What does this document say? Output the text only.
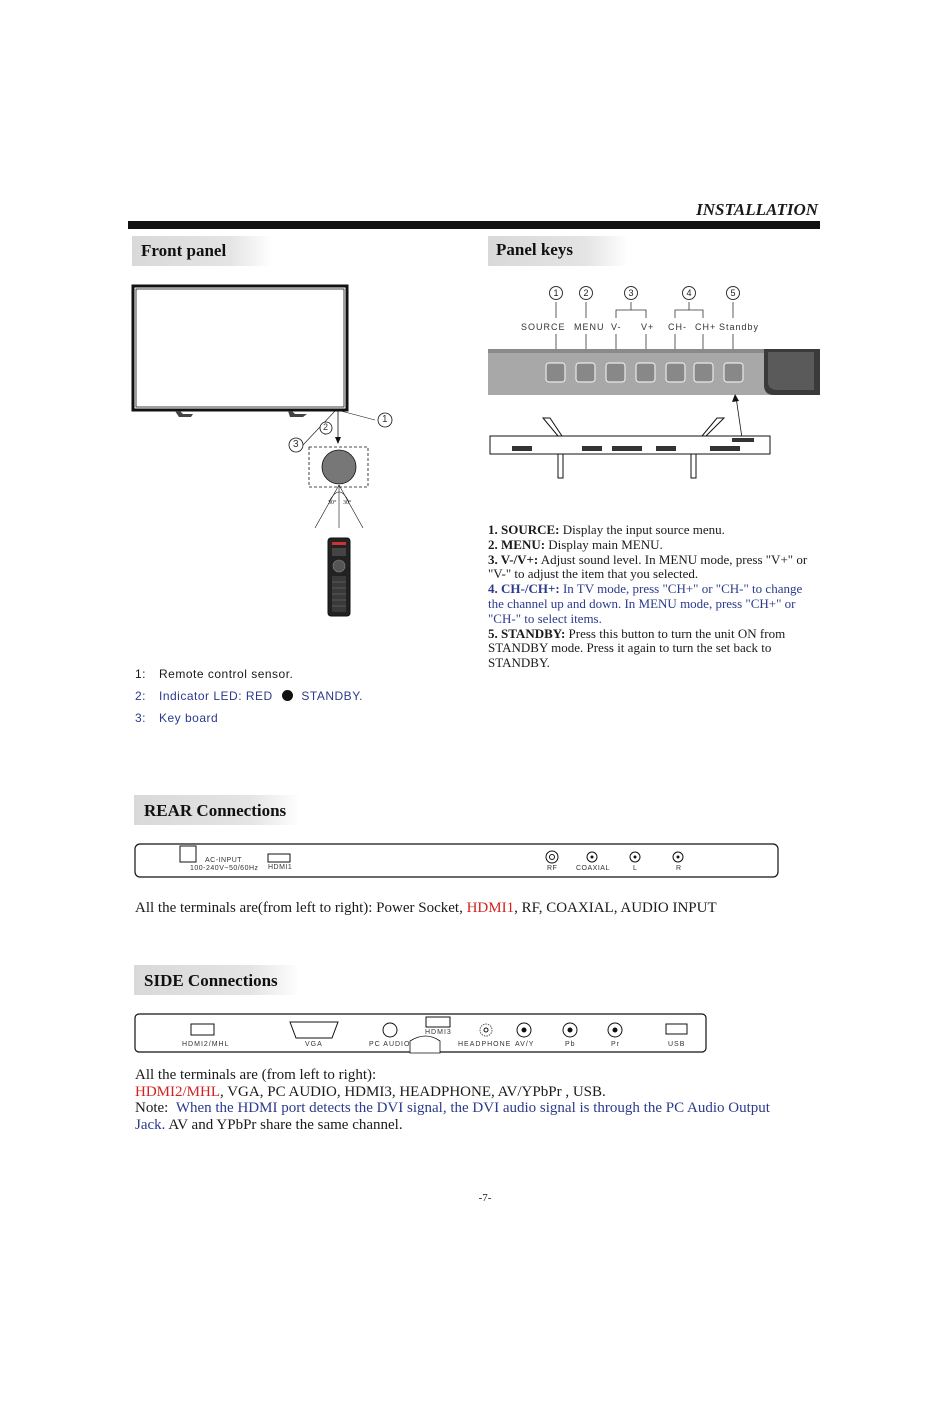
INSTALLATION
Front panel	Panel keys
1
2
3
30° 30°
1: Remote control sensor.
2: Indicator LED: RED STANDBY.
3: Key board
1	2	3	4	5
SOURCE MENU V- V+ CH- CH+ Standby
1. SOURCE: Display the input source menu.
2. MENU: Display main MENU.
3. V-/V+: Adjust sound level. In MENU mode, press "V+" or "V-" to adjust the item that you selected.
4. CH-/CH+: In TV mode, press "CH+" or "CH-" to change the channel up and down. In MENU mode, press "CH+" or "CH-" to select items.
5. STANDBY: Press this button to turn the unit ON from STANDBY mode. Press it again to turn the set back to STANDBY.
REAR Connections
AC-INPUT
100-240V~50/60Hz HDMI1	RF	COAXIAL	L	R
All the terminals are(from left to right): Power Socket, HDMI1, RF, COAXIAL, AUDIO INPUT
SIDE Connections
HDMI2/MHL	VGA	PC AUDIO
HDMI3
HEADPHONE AV/Y	Pb	Pr	USB
All the terminals are (from left to right):
HDMI2/MHL, VGA, PC AUDIO, HDMI3, HEADPHONE, AV/YPbPr , USB.
Note: When the HDMI port detects the DVI signal, the DVI audio signal is through the PC Audio Output Jack. AV and YPbPr share the same channel.
-7-
